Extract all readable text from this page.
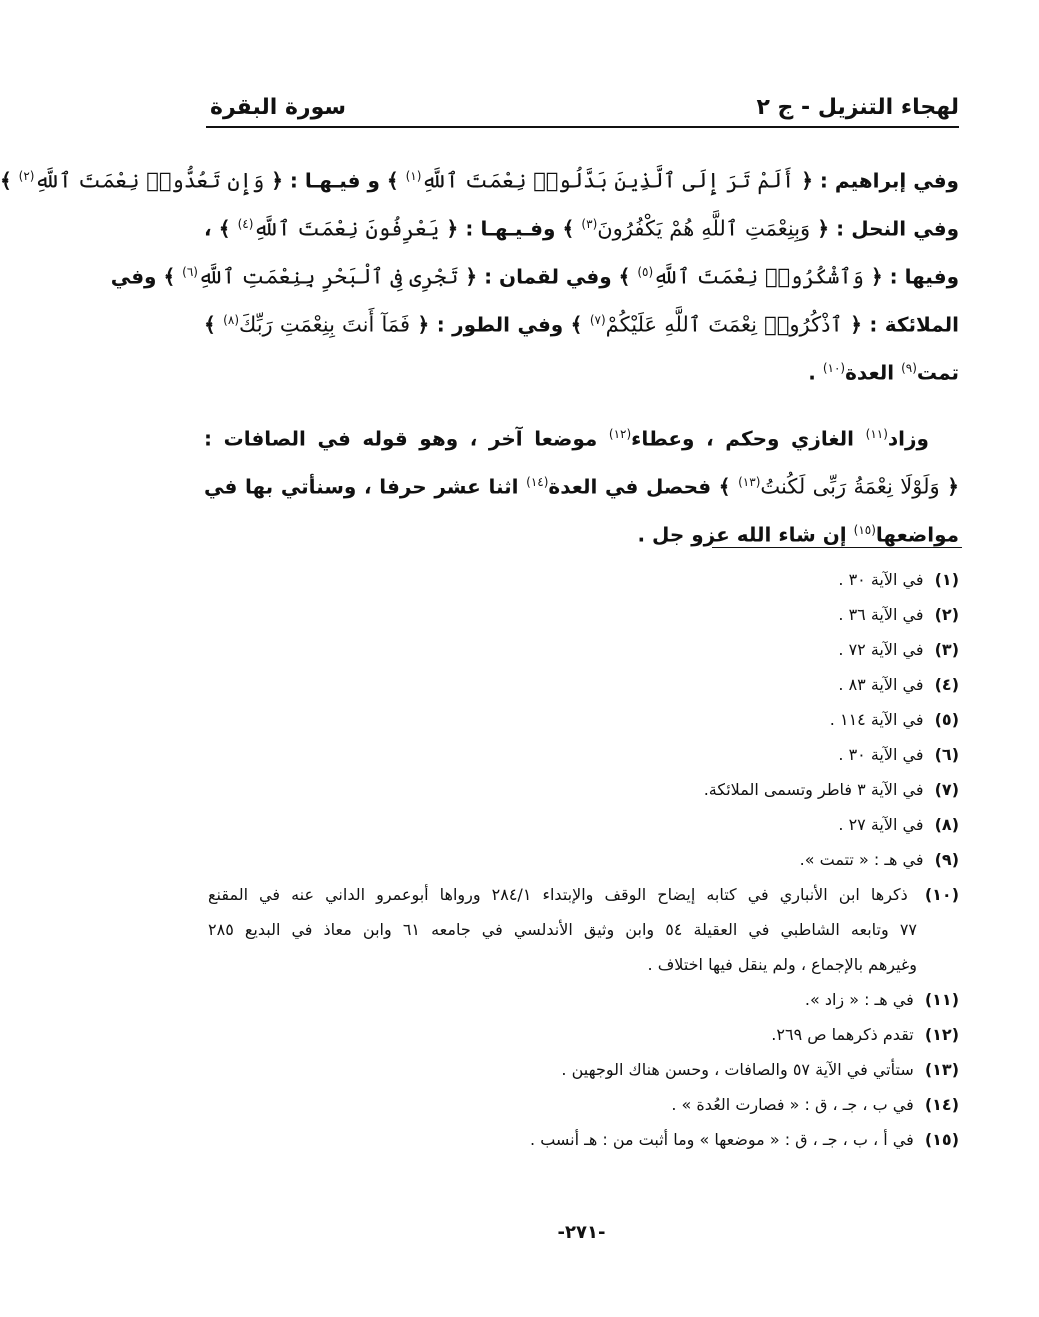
لهجاء التنزيل - ج ٢
سورة البقرة
وفي إبراهيم : ﴿ أَلَمْ تَرَ إِلَى ٱلَّذِينَ بَدَّلُوا۟ نِعْمَتَ ٱللَّهِ$^{(١)}$ ﴾ و فيـهـا : ﴿ وَإِن تَعُدُّوا۟ نِعْمَتَ ٱللَّهِ$^{(٢)}$ ﴾
وفي النحل : ﴿ وَبِنِعْمَتِ ٱللَّهِ هُمْ يَكْفُرُونَ$^{(٣)}$ ﴾ وفـيـهـا : ﴿ يَعْرِفُونَ نِعْمَتَ ٱللَّهِ$^{(٤)}$ ﴾ ،
وفيها : ﴿ وَٱشْكُرُوا۟ نِعْمَتَ ٱللَّهِ$^{(٥)}$ ﴾ وفي لقمان : ﴿ تَجْرِى فِى ٱلْبَحْرِ بِنِعْمَتِ ٱللَّهِ$^{(٦)}$ ﴾ وفي
الملائكة : ﴿ ٱذْكُرُوا۟ نِعْمَتَ ٱللَّهِ عَلَيْكُمْ$^{(٧)}$ ﴾ وفي الطور : ﴿ فَمَآ أَنتَ بِنِعْمَتِ رَبِّكَ$^{(٨)}$ ﴾
تمت$^{(٩)}$ العدة$^{(١٠)}$ .
وزاد$^{(١١)}$ الغازي وحكم ، وعطاء$^{(١٢)}$ موضعا آخر ، وهو قوله في الصافات :
﴿ وَلَوْلَا نِعْمَةُ رَبِّى لَكُنتُ$^{(١٣)}$ ﴾ فحصل في العدة$^{(١٤)}$ اثنا عشر حرفا ، وسنأتي بها في
مواضعها$^{(١٥)}$ إن شاء الله عزو جل .
(١) في الآية ٣٠ .
(٢) في الآية ٣٦ .
(٣) في الآية ٧٢ .
(٤) في الآية ٨٣ .
(٥) في الآية ١١٤ .
(٦) في الآية ٣٠ .
(٧) في الآية ٣ فاطر وتسمى الملائكة.
(٨) في الآية ٢٧ .
(٩) في هـ : « تتمت ».
(١٠) ذكرها ابن الأنباري في كتابه إيضاح الوقف والإبتداء ٢٨٤/١ ورواها أبوعمرو الداني عنه في المقنع
٧٧ وتابعه الشاطبي في العقيلة ٥٤ وابن وثيق الأندلسي في جامعه ٦١ وابن معاذ في البديع ٢٨٥
وغيرهم بالإجماع ، ولم ينقل فيها اختلاف .
(١١) في هـ : « زاد ».
(١٢) تقدم ذكرهما ص ٢٦٩.
(١٣) ستأتي في الآية ٥٧ والصافات ، وحسن هناك الوجهين .
(١٤) في ب ، جـ ، ق : « فصارت العُدة » .
(١٥) في أ ، ب ، جـ ، ق : « موضعها » وما أثبت من : هـ أنسب .
-٢٧١-
